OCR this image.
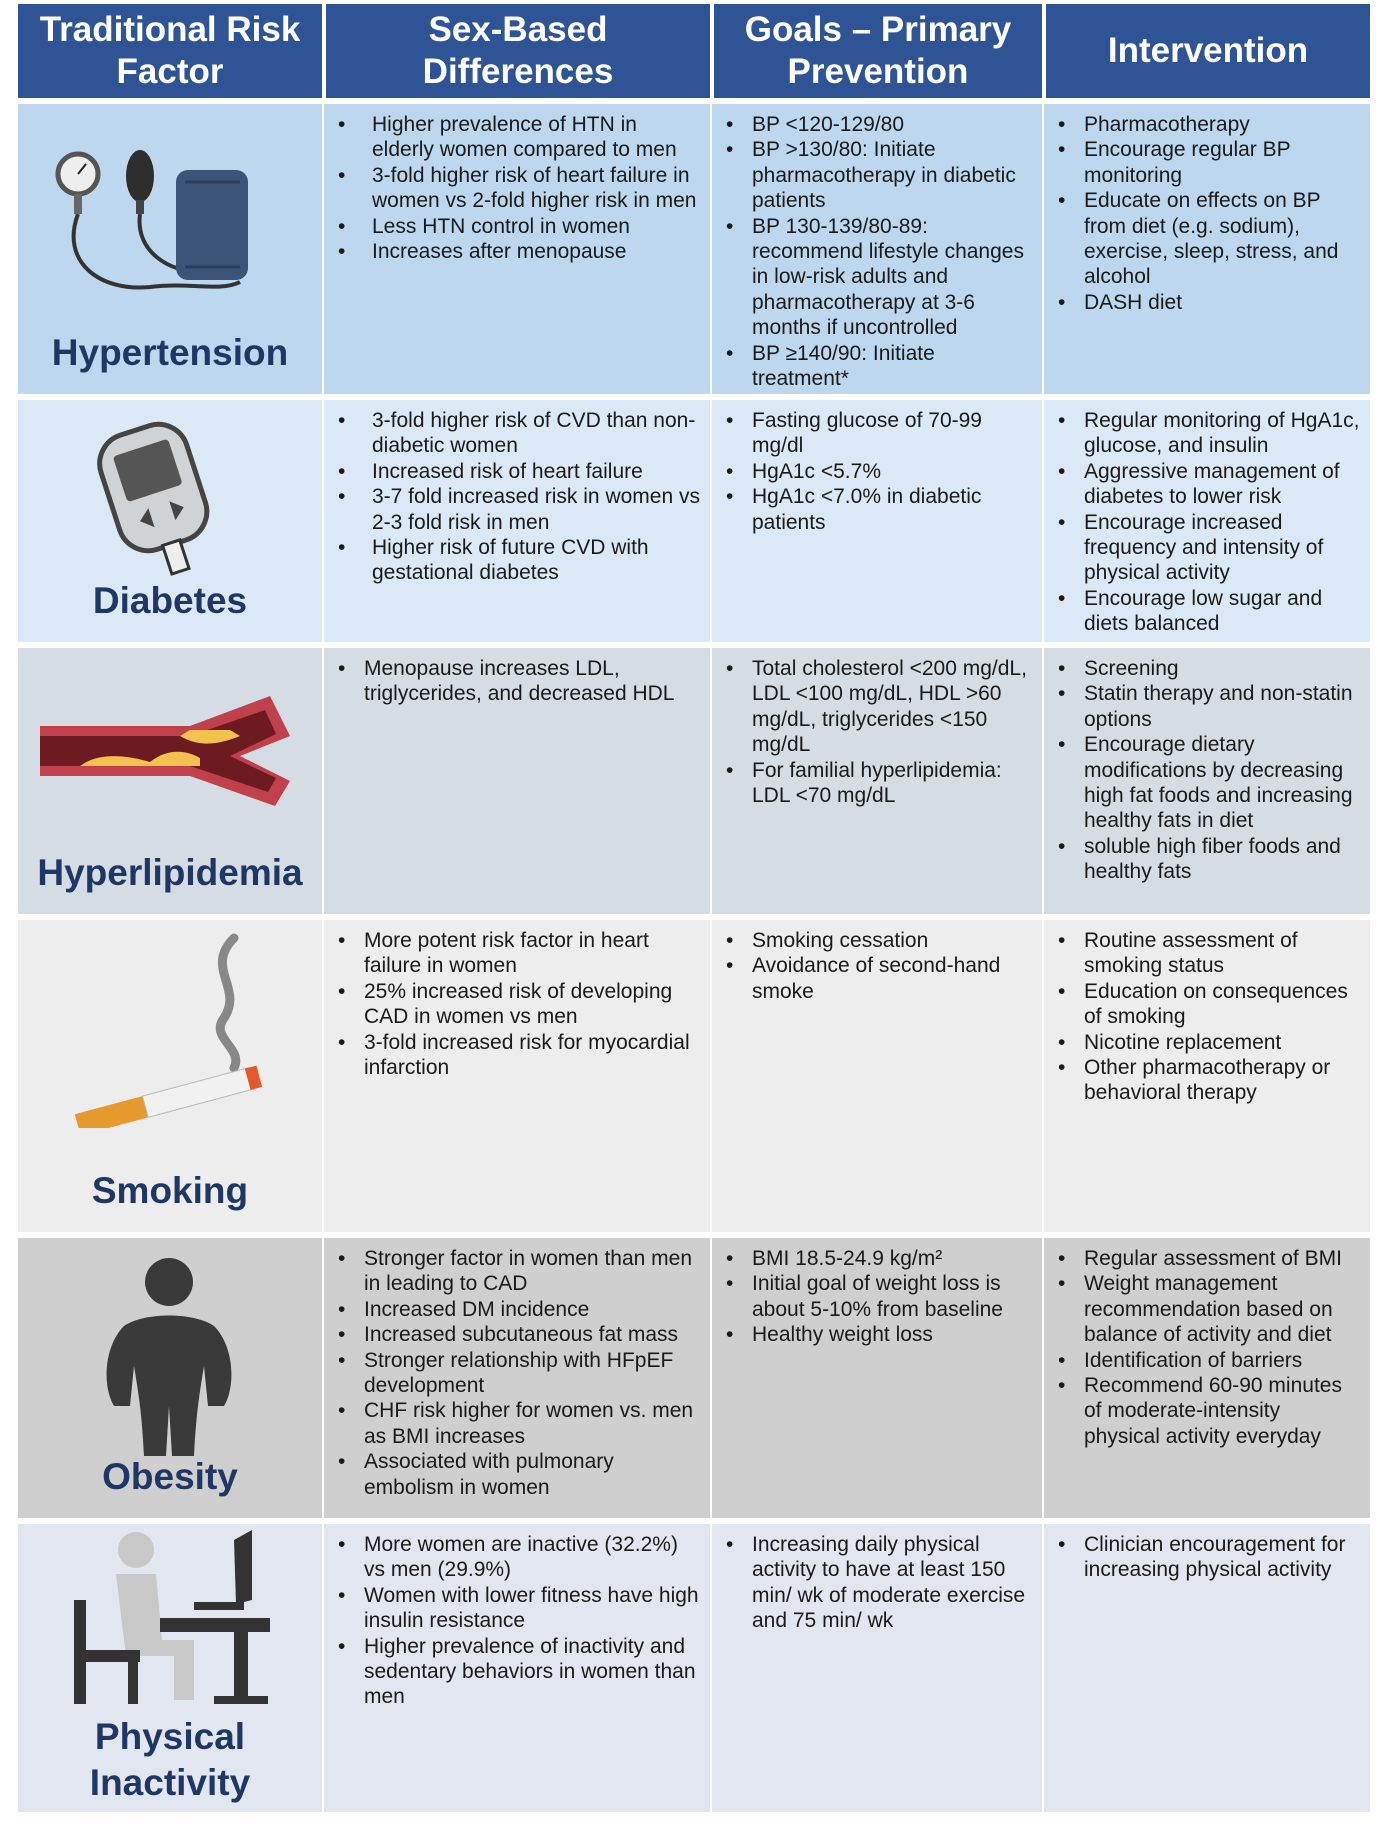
Traditional Risk Factor
Sex-Based Differences
Goals – Primary Prevention
Intervention
Hypertension
• Higher prevalence of HTN in elderly women compared to men
• 3-fold higher risk of heart failure in women vs 2-fold higher risk in men
• Less HTN control in women
• Increases after menopause
• BP <120-129/80
• BP >130/80: Initiate pharmacotherapy in diabetic patients
• BP 130-139/80-89: recommend lifestyle changes in low-risk adults and pharmacotherapy at 3-6 months if uncontrolled
• BP ≥140/90: Initiate treatment*
• Pharmacotherapy
• Encourage regular BP monitoring
• Educate on effects on BP from diet (e.g. sodium), exercise, sleep, stress, and alcohol
• DASH diet
Diabetes
• 3-fold higher risk of CVD than non-diabetic women
• Increased risk of heart failure
• 3-7 fold increased risk in women vs 2-3 fold risk in men
• Higher risk of future CVD with gestational diabetes
• Fasting glucose of 70-99 mg/dl
• HgA1c <5.7%
• HgA1c <7.0% in diabetic patients
• Regular monitoring of HgA1c, glucose, and insulin
• Aggressive management of diabetes to lower risk
• Encourage increased frequency and intensity of physical activity
• Encourage low sugar and diets balanced
Hyperlipidemia
• Menopause increases LDL, triglycerides, and decreased HDL
• Total cholesterol <200 mg/dL, LDL <100 mg/dL, HDL >60 mg/dL, triglycerides <150 mg/dL
• For familial hyperlipidemia: LDL <70 mg/dL
• Screening
• Statin therapy and non-statin options
• Encourage dietary modifications by decreasing high fat foods and increasing healthy fats in diet
• soluble high fiber foods and healthy fats
Smoking
• More potent risk factor in heart failure in women
• 25% increased risk of developing CAD in women vs men
• 3-fold increased risk for myocardial infarction
• Smoking cessation
• Avoidance of second-hand smoke
• Routine assessment of smoking status
• Education on consequences of smoking
• Nicotine replacement
• Other pharmacotherapy or behavioral therapy
Obesity
• Stronger factor in women than men in leading to CAD
• Increased DM incidence
• Increased subcutaneous fat mass
• Stronger relationship with HFpEF development
• CHF risk higher for women vs. men as BMI increases
• Associated with pulmonary embolism in women
• BMI 18.5-24.9 kg/m²
• Initial goal of weight loss is about 5-10% from baseline
• Healthy weight loss
• Regular assessment of BMI
• Weight management recommendation based on balance of activity and diet
• Identification of barriers
• Recommend 60-90 minutes of moderate-intensity physical activity everyday
Physical Inactivity
• More women are inactive (32.2%) vs men (29.9%)
• Women with lower fitness have high insulin resistance
• Higher prevalence of inactivity and sedentary behaviors in women than men
• Increasing daily physical activity to have at least 150 min/ wk of moderate exercise and 75 min/ wk
• Clinician encouragement for increasing physical activity
